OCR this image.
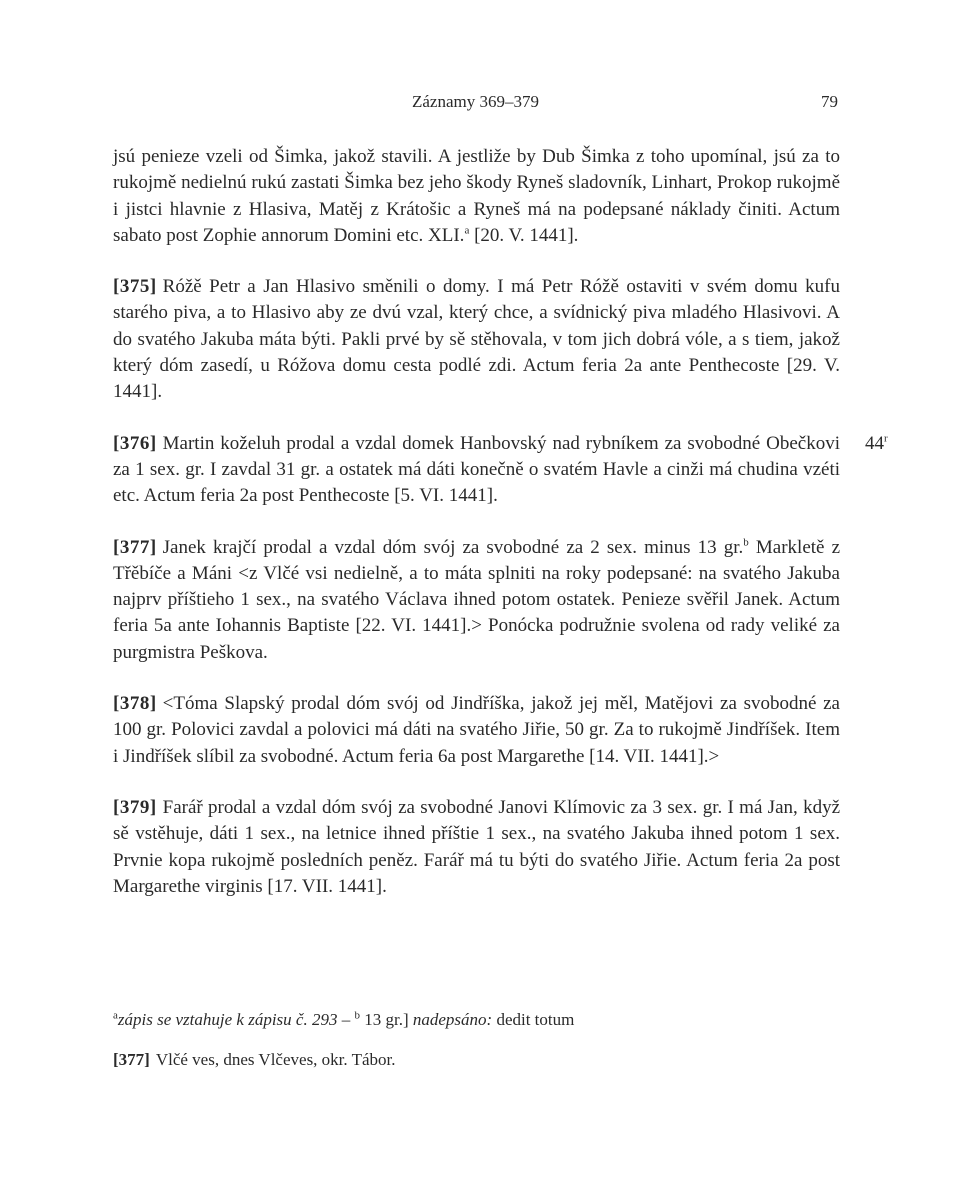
Záznamy 369–379	79

jsú penieze vzeli od Šimka, jakož stavili. A jestliže by Dub Šimka z toho upomínal, jsú za to rukojmě nedielnú rukú zastati Šimka bez jeho škody Ryneš sladovník, Linhart, Prokop rukojmě i jistci hlavnie z Hlasiva, Matěj z Krátošic a Ryneš má na podepsané náklady činiti. Actum sabato post Zophie annorum Domini etc. XLI.$^a$ [20. V. 1441].

[375] Róžě Petr a Jan Hlasivo směnili o domy. I má Petr Róžě ostaviti v svém domu kufu starého piva, a to Hlasivo aby ze dvú vzal, který chce, a svídnický piva mladého Hlasivovi. A do svatého Jakuba máta býti. Pakli prvé by sě stěhovala, v tom jich dobrá vóle, a s tiem, jakož který dóm zasedí, u Róžova domu cesta podlé zdi. Actum feria 2a ante Penthecoste [29. V. 1441].

44$^r$
[376] Martin koželuh prodal a vzdal domek Hanbovský nad rybníkem za svobodné Obečkovi za 1 sex. gr. I zavdal 31 gr. a ostatek má dáti konečně o svatém Havle a cinži má chudina vzéti etc. Actum feria 2a post Penthecoste [5. VI. 1441].

[377] Janek krajčí prodal a vzdal dóm svój za svobodné za 2 sex. minus 13 gr.$^b$ Markletě z Třěbíče a Máni <z Vlčé vsi nedielně, a to máta splniti na roky podepsané: na svatého Jakuba najprv příštieho 1 sex., na svatého Václava ihned potom ostatek. Penieze svěřil Janek. Actum feria 5a ante Iohannis Baptiste [22. VI. 1441].> Ponócka podružnie svolena od rady veliké za purgmistra Peškova.

[378] <Tóma Slapský prodal dóm svój od Jindříška, jakož jej měl, Matějovi za svobodné za 100 gr. Polovici zavdal a polovici má dáti na svatého Jiřie, 50 gr. Za to rukojmě Jindříšek. Item i Jindříšek slíbil za svobodné. Actum feria 6a post Margarethe [14. VII. 1441].>

[379] Farář prodal a vzdal dóm svój za svobodné Janovi Klímovic za 3 sex. gr. I má Jan, když sě vstěhuje, dáti 1 sex., na letnice ihned příštie 1 sex., na svatého Jakuba ihned potom 1 sex. Prvnie kopa rukojmě posledních peněz. Farář má tu býti do svatého Jiřie. Actum feria 2a post Margarethe virginis [17. VII. 1441].

$^a$zápis se vztahuje k zápisu č. 293 – $^b$ 13 gr.] nadepsáno: dedit totum

[377] Vlčé ves, dnes Vlčeves, okr. Tábor.
